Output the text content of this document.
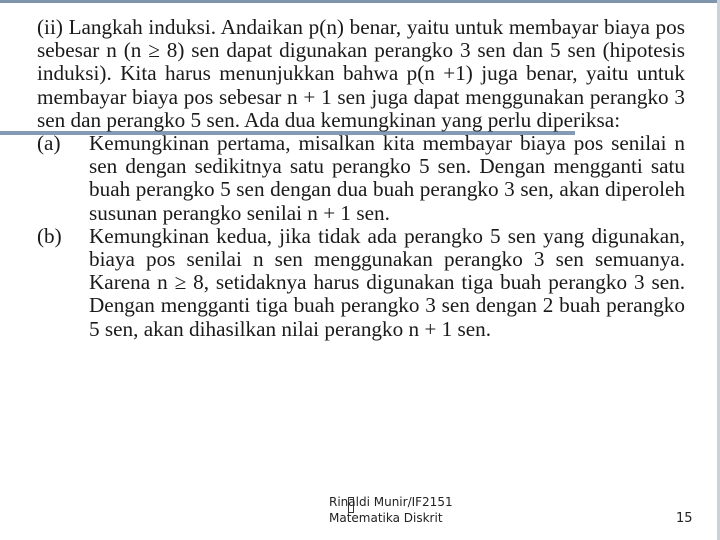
(ii) Langkah induksi. Andaikan p(n) benar, yaitu untuk membayar biaya pos sebesar n (n ≥ 8) sen dapat digunakan perangko 3 sen dan 5 sen (hipotesis induksi). Kita harus menunjukkan bahwa p(n +1) juga benar, yaitu untuk membayar biaya pos sebesar n + 1 sen juga dapat menggunakan perangko 3 sen dan perangko 5 sen. Ada dua kemungkinan yang perlu diperiksa:

(a)	Kemungkinan pertama, misalkan kita membayar biaya pos senilai n sen dengan sedikitnya satu perangko 5 sen. Dengan mengganti satu buah perangko 5 sen dengan dua buah perangko 3 sen, akan diperoleh susunan perangko senilai n + 1 sen.

(b)	Kemungkinan kedua, jika tidak ada perangko 5 sen yang digunakan, biaya pos senilai n sen menggunakan perangko 3 sen semuanya. Karena n ≥ 8, setidaknya harus digunakan tiga buah perangko 3 sen. Dengan mengganti tiga buah perangko 3 sen dengan 2 buah perangko 5 sen, akan dihasilkan nilai perangko n + 1 sen.

Rinaldi Munir/IF2151
Matematika Diskrit	15
